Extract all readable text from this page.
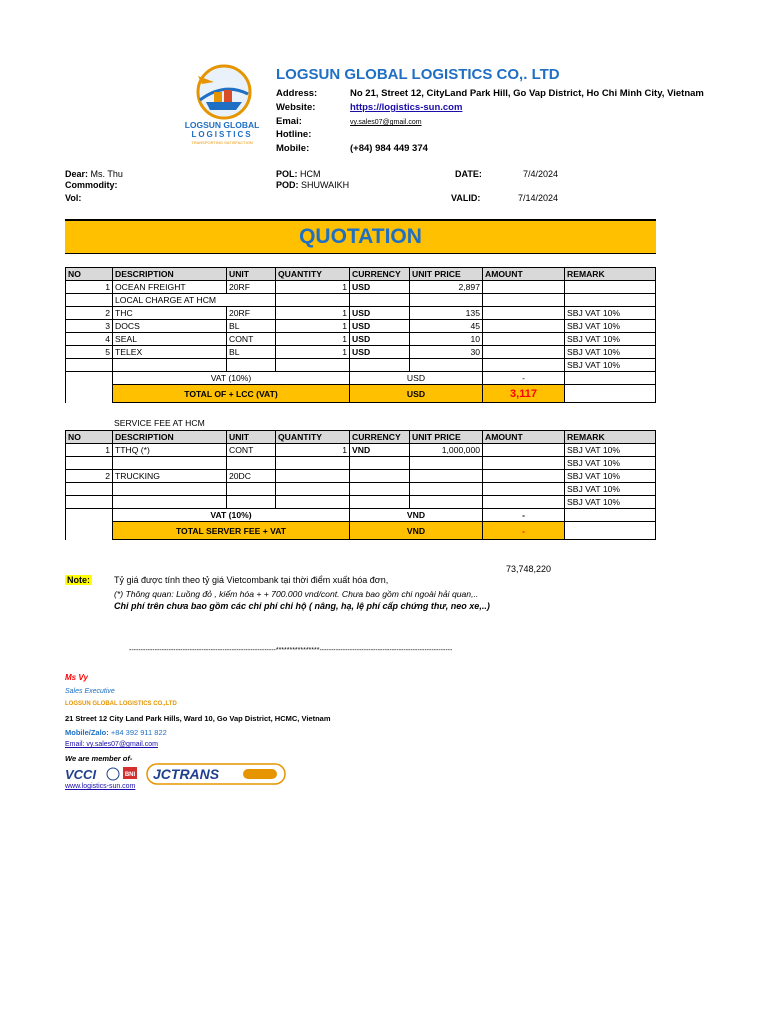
LOGSUN GLOBAL
LOGISTICS
TRANSPORTING SATISFACTION
LOGSUN GLOBAL LOGISTICS CO,. LTD
Address:	No 21, Street 12, CityLand Park Hill, Go Vap District, Ho Chi Minh City, Vietnam
Website:	https://logistics-sun.com
Emai:	vy.sales07@gmail.com
Hotline:
Mobile:	(+84) 984 449 374
Dear: Ms. Thu
Commodity:
Vol:
POL: HCM
POD: SHUWAIKH
DATE:	7/4/2024
VALID:	7/14/2024
QUOTATION
NO	DESCRIPTION	UNIT	QUANTITY	CURRENCY	UNIT PRICE	AMOUNT	REMARK
1	OCEAN FREIGHT	20RF	1	USD	2,897		
	LOCAL CHARGE AT HCM						
2	THC	20RF	1	USD	135		SBJ VAT 10%
3	DOCS	BL	1	USD	45		SBJ VAT 10%
4	SEAL	CONT	1	USD	10		SBJ VAT 10%
5	TELEX	BL	1	USD	30		SBJ VAT 10%
							SBJ VAT 10%
	VAT (10%)			USD		-	
	TOTAL OF + LCC (VAT)			USD		3,117	
SERVICE FEE AT HCM
NO	DESCRIPTION	UNIT	QUANTITY	CURRENCY	UNIT PRICE	AMOUNT	REMARK
1	TTHQ (*)	CONT	1	VND	1,000,000		SBJ VAT 10%
							SBJ VAT 10%
2	TRUCKING	20DC					SBJ VAT 10%
							SBJ VAT 10%
							SBJ VAT 10%
	VAT (10%)			VND		-	
	TOTAL SERVER FEE + VAT			VND		-	
73,748,220
Note:	Tỷ giá được tính theo tỷ giá Vietcombank tại thời điểm xuất hóa đơn,
(*) Thông quan: Luồng đỏ , kiểm hóa + + 700.000 vnd/cont. Chưa bao gồm chi ngoài hải quan,..
Chi phí trên chưa bao gồm các chi phí chi hộ ( nâng, hạ, lệ phí cấp chứng thư, neo xe,..)
---------------------------------------------------------------****************---------------------------------------------------------
Ms Vy
Sales Executive
LOGSUN GLOBAL LOGISTICS CO.,LTD
21 Street 12 City Land Park Hills, Ward 10, Go Vap District, HCMC, Vietnam
Mobile/Zalo: +84 392 911 822
Email: vy.sales07@gmail.com
We are member of-
VCCI	BNI JCTRANS
www.logistics-sun.com
